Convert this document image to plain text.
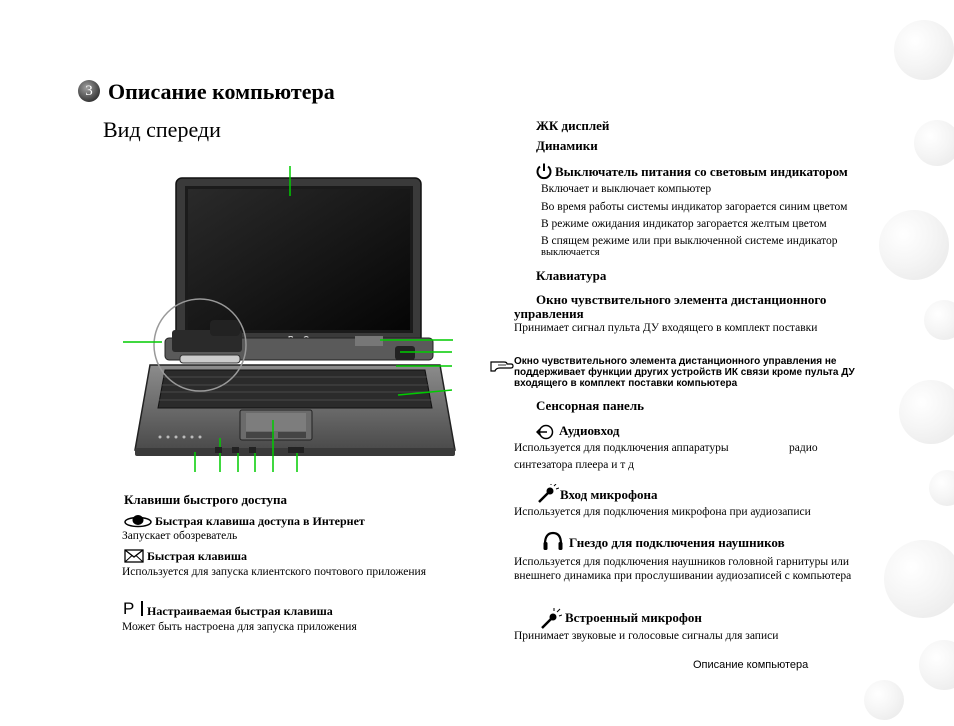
3 Описание компьютера
Вид спереди	ЖК дисплей
Динамики
Выключатель питания со световым индикатором
Включает и выключает компьютер
Во время работы системы индикатор загорается синим цветом
В режиме ожидания индикатор загорается желтым цветом
В спящем режиме или при выключенной системе индикатор
выключается
Клавиатура
Окно чувствительного элемента дистанционного
управления
Принимает сигнал пульта ДУ входящего в комплект поставки
Окно чувствительного элемента дистанционного управления не
поддерживает функции других устройств ИК связи кроме пульта ДУ
входящего в комплект поставки компьютера
Сенсорная панель
Аудиовход
Используется для подключения аппаратуры	радио
синтезатора плеера и т д
Вход микрофона
Используется для подключения микрофона при аудиозаписи
Гнездо для подключения наушников
Используется для подключения наушников головной гарнитуры или
внешнего динамика при прослушивании аудиозаписей с компьютера
Встроенный микрофон
Принимает звуковые и голосовые сигналы для записи
Клавиши быстрого доступа
Быстрая клавиша доступа в Интернет
Запускает обозреватель
Быстрая клавиша
Используется для запуска клиентского почтового приложения
P Настраиваемая быстрая клавиша
Может быть настроена для запуска приложения
Описание компьютера
